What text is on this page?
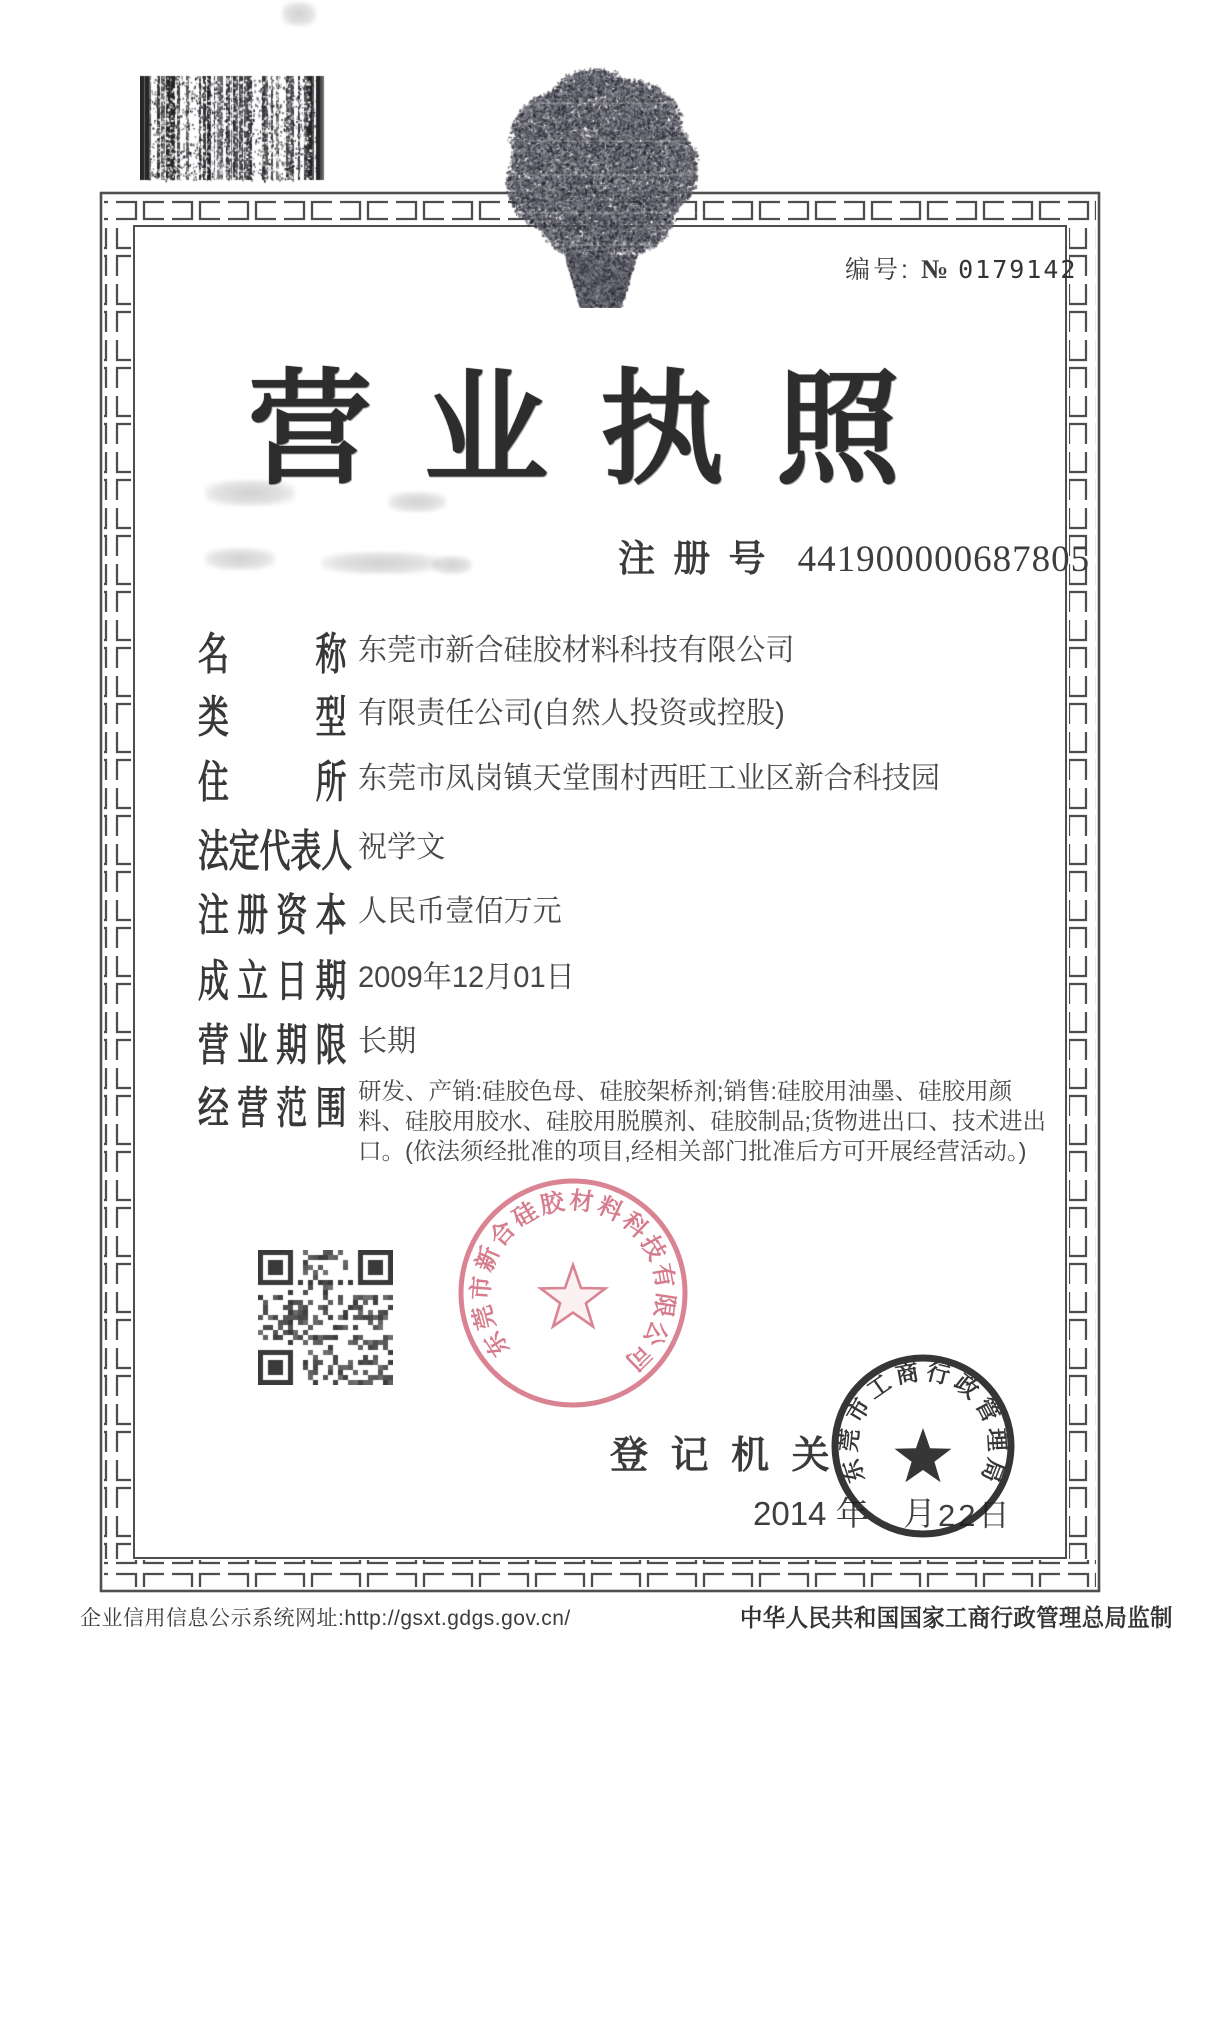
编号: № 0179142
营业执照
注 册 号 441900000687805
名 称 东莞市新合硅胶材料科技有限公司
类 型 有限责任公司(自然人投资或控股)
住 所 东莞市凤岗镇天堂围村西旺工业区新合科技园
法 定 代 表 人 祝学文
注 册 资 本 人民币壹佰万元
成 立 日 期 2009年12月01日
营 业 期 限 长期
经 营 范 围 研发、产销:硅胶色母、硅胶架桥剂;销售:硅胶用油墨、硅胶用颜料、硅胶用胶水、硅胶用脱膜剂、硅胶制品;货物进出口、技术进出口。(依法须经批准的项目,经相关部门批准后方可开展经营活动。)
登 记 机 关
2014 年 月 22日
东莞市新合硅胶材料科技有限公司
东莞市工商行政管理局
企业信用信息公示系统网址:http://gsxt.gdgs.gov.cn/	中华人民共和国国家工商行政管理总局监制
